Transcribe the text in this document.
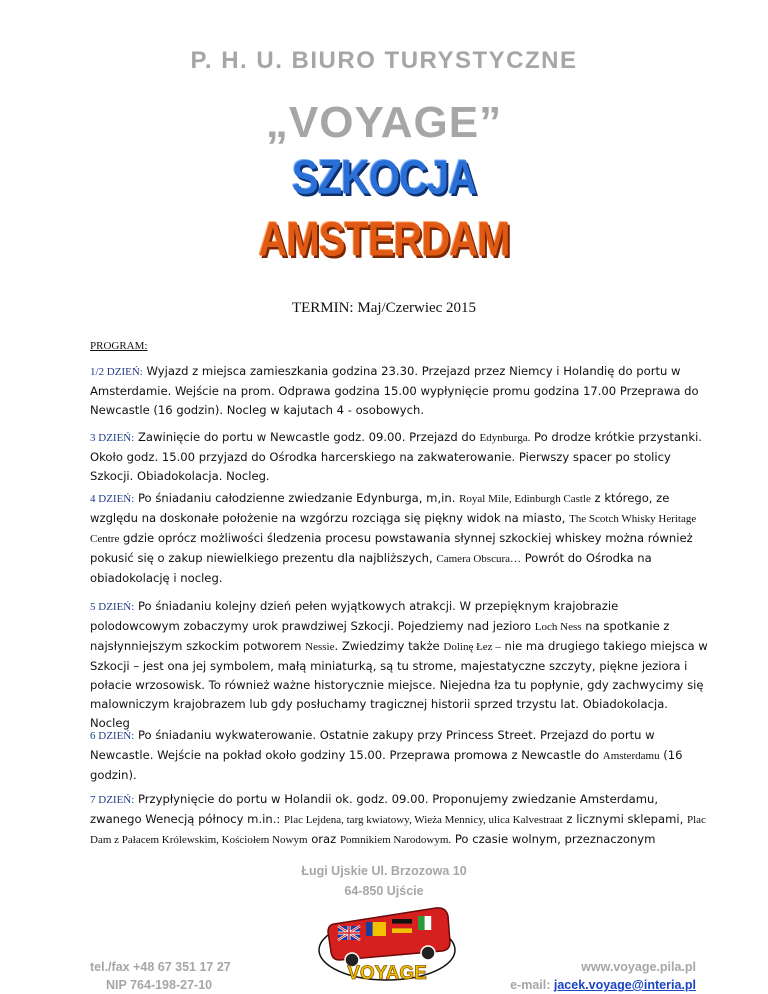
P. H. U. BIURO TURYSTYCZNE
„VOYAGE”
SZKOCJA
AMSTERDAM
TERMIN: Maj/Czerwiec 2015
PROGRAM:
1/2 DZIEŃ: Wyjazd z miejsca zamieszkania godzina 23.30. Przejazd przez Niemcy i Holandię do portu w Amsterdamie. Wejście na prom. Odprawa godzina 15.00 wypłynięcie promu godzina 17.00 Przeprawa do Newcastle (16 godzin). Nocleg w kajutach 4 - osobowych.
3 DZIEŃ: Zawinięcie do portu w Newcastle godz. 09.00. Przejazd do Edynburga. Po drodze krótkie przystanki. Około godz. 15.00 przyjazd do Ośrodka harcerskiego na zakwaterowanie. Pierwszy spacer po stolicy Szkocji. Obiadokolacja. Nocleg.
4 DZIEŃ: Po śniadaniu całodzienne zwiedzanie Edynburga, m,in. Royal Mile, Edinburgh Castle z którego, ze względu na doskonałe położenie na wzgórzu rozciąga się piękny widok na miasto, The Scotch Whisky Heritage Centre gdzie oprócz możliwości śledzenia procesu powstawania słynnej szkockiej whiskey można również pokusić się o zakup niewielkiego prezentu dla najbliższych, Camera Obscura… Powrót do Ośrodka na obiadokolację i nocleg.
5 DZIEŃ: Po śniadaniu kolejny dzień pełen wyjątkowych atrakcji. W przepięknym krajobrazie polodowcowym zobaczymy urok prawdziwej Szkocji. Pojedziemy nad jezioro Loch Ness na spotkanie z najsłynniejszym szkockim potworem Nessie. Zwiedzimy także Dolinę Łez – nie ma drugiego takiego miejsca w Szkocji – jest ona jej symbolem, małą miniaturką, są tu strome, majestatyczne szczyty, piękne jeziora i połacie wrzosowisk. To również ważne historycznie miejsce. Niejedna łza tu popłynie, gdy zachwycimy się malowniczym krajobrazem lub gdy posłuchamy tragicznej historii sprzed trzystu lat. Obiadokolacja. Nocleg
6 DZIEŃ: Po śniadaniu wykwaterowanie. Ostatnie zakupy przy Princess Street. Przejazd do portu w Newcastle. Wejście na pokład około godziny 15.00. Przeprawa promowa z Newcastle do Amsterdamu (16 godzin).
7 DZIEŃ: Przypłynięcie do portu w Holandii ok. godz. 09.00. Proponujemy zwiedzanie Amsterdamu, zwanego Wenecją północy m.in.: Plac Lejdena, targ kwiatowy, Wieża Mennicy, ulica Kalvestraat z licznymi sklepami, Plac Dam z Pałacem Królewskim, Kościołem Nowym oraz Pomnikiem Narodowym. Po czasie wolnym, przeznaczonym
Ługi Ujskie Ul. Brzozowa 10
64-850 Ujście
VOYAGE
tel./fax +48 67 351 17 27
NIP 764-198-27-10
www.voyage.pila.pl
e-mail: jacek.voyage@interia.pl
